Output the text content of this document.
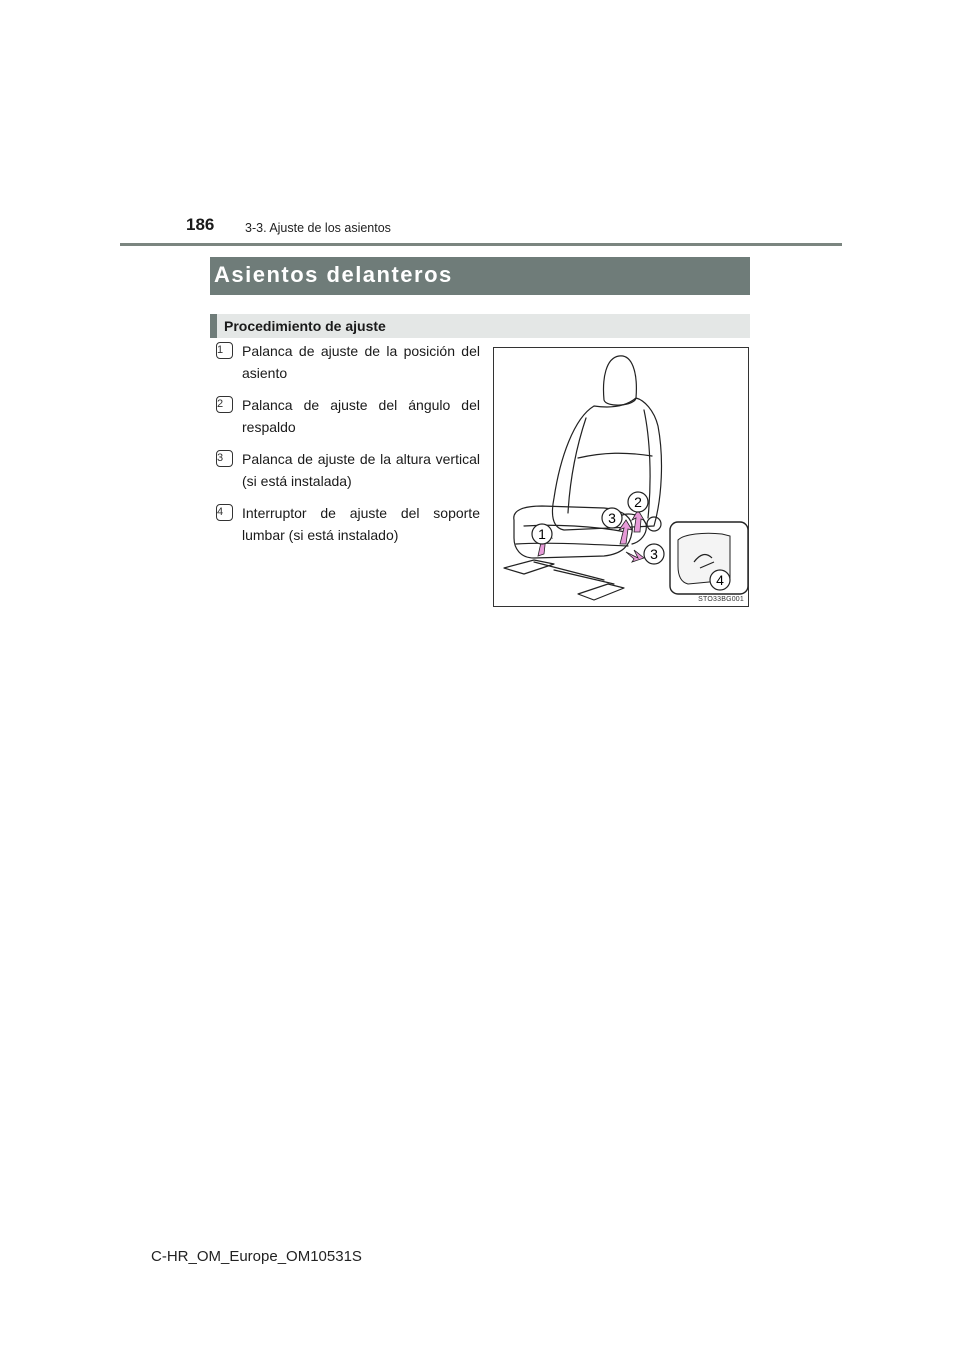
186 3-3. Ajuste de los asientos
Asientos delanteros
Procedimiento de ajuste
1	Palanca de ajuste de la posición del asiento
2	Palanca de ajuste del ángulo del respaldo
3	Palanca de ajuste de la altura vertical (si está instalada)
4	Interruptor de ajuste del soporte lumbar (si está instalado)	1
2
3
3
4
STO33BG001
C-HR_OM_Europe_OM10531S
